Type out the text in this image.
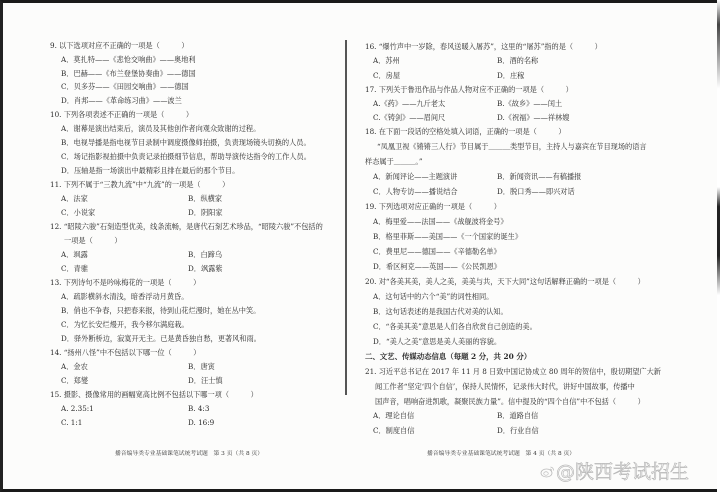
9. 以下选项对应不正确的一项是（　　　）
A．莫扎特——《悲怆交响曲》——奥地利
B．巴赫——《布兰登堡协奏曲》——德国
C．贝多芬——《田园交响曲》——德国
D．肖邦——《革命练习曲》——波兰
10. 下列各项表述不正确的一项是（　　　）
A．谢幕是演出结束后，演员及其他创作者向观众致谢的过程。
B．电视导播是指电视节目录制中调度摄像师拍摄，负责现场镜头切换的人员。
C．场记指影视拍摄中负责记录拍摄细节信息，帮助导演传达指令的工作人员。
D．压轴是指一场演出中最精彩且排在最后的那个节目。
11. 下列不属于“三教九流”中“九流”的一项是（　　　）
A．法家	B．纵横家
C．小说家	D．阴阳家
12. “昭陵六骏”石刻造型优美，线条流畅，是唐代石刻艺术珍品，“昭陵六骏”不包括的
一项是（　　　）
A．飒露	B．白蹄乌
C．青骓	D．飒露紫
13. 下列诗句不是吟咏梅花的一项是（　　　）
A．疏影横斜水清浅，暗香浮动月黄昏。
B．俏也不争春，只把春来报，待到山花烂漫时，她在丛中笑。
C．为忆长安烂熳开，我今移尔满庭栽。
D．驿外断桥边，寂寞开无主。已是黄昏独自愁，更著风和雨。
14. “扬州八怪”中不包括以下哪一位（　　　）
A．金农	B．唐寅
C．郑燮	D．汪士慎
15. 摄影、摄像常用的画幅宽高比例不包括以下哪一项（　　　）
A. 2.35:1	B. 4:3
C. 1:1	D. 16:9
播音编导类专业基础课笔试统考试题　第 3 页（共 8 页）
16. “爆竹声中一岁除，春风送暖入屠苏”，这里的“屠苏”指的是（　　　）
A．苏州	B．酒的名称
C．房屋	D．庄稼
17. 下列关于鲁迅作品与作品人物对应不正确的一项是（　　　）
A.《药》——九斤老太	B.《故乡》——闰土
C.《铸剑》——眉间尺	D.《祝福》——祥林嫂
18. 在下面一段话的空格处填入词语，正确的一项是（　　　）
“凤凰卫视《锵锵三人行》节目属于＿＿＿类型节目，主持人与嘉宾在节目现场的语言
样态属于＿＿＿。”
A．新闻评论——主题演讲	B．新闻资讯——有稿播报
C．人物专访——播说结合	D．脱口秀——即兴对话
19. 下列选项对应正确的一项是（　　　）
A．梅里爱——法国——《战舰波将金号》
B．格里菲斯——美国——《一个国家的诞生》
C．费里尼——德国——《辛德勒名单》
D．希区柯克——英国——《公民凯恩》
20. 对“各美其美，美人之美，美美与共，天下大同”这句话解释正确的一项是（　　　）
A．这句话中的六个“美”的词性相同。
B．这句话表述的是我国古代对美的认知。
C．“各美其美”意思是人们各自欣赏自己创造的美。
D．“美人之美”意思是美人美丽的容貌。
二、文艺、传媒动态信息（每题 2 分，共 20 分）
21. 习近平总书记在 2017 年 11 月 8 日致中国记协成立 80 周年的贺信中，殷切期望广大新
闻工作者“坚定‘四个自信’，保持人民情怀，记录伟大时代，讲好中国故事，传播中
国声音，唱响奋进凯歌，凝聚民族力量”。信中提及的“四个自信”中不包括（　　　）
A．理论自信	B．道路自信
C．制度自信	D．行业自信
播音编导类专业基础课笔试统考试题　第 4 页（共 8 页）
@陕西考试招生
